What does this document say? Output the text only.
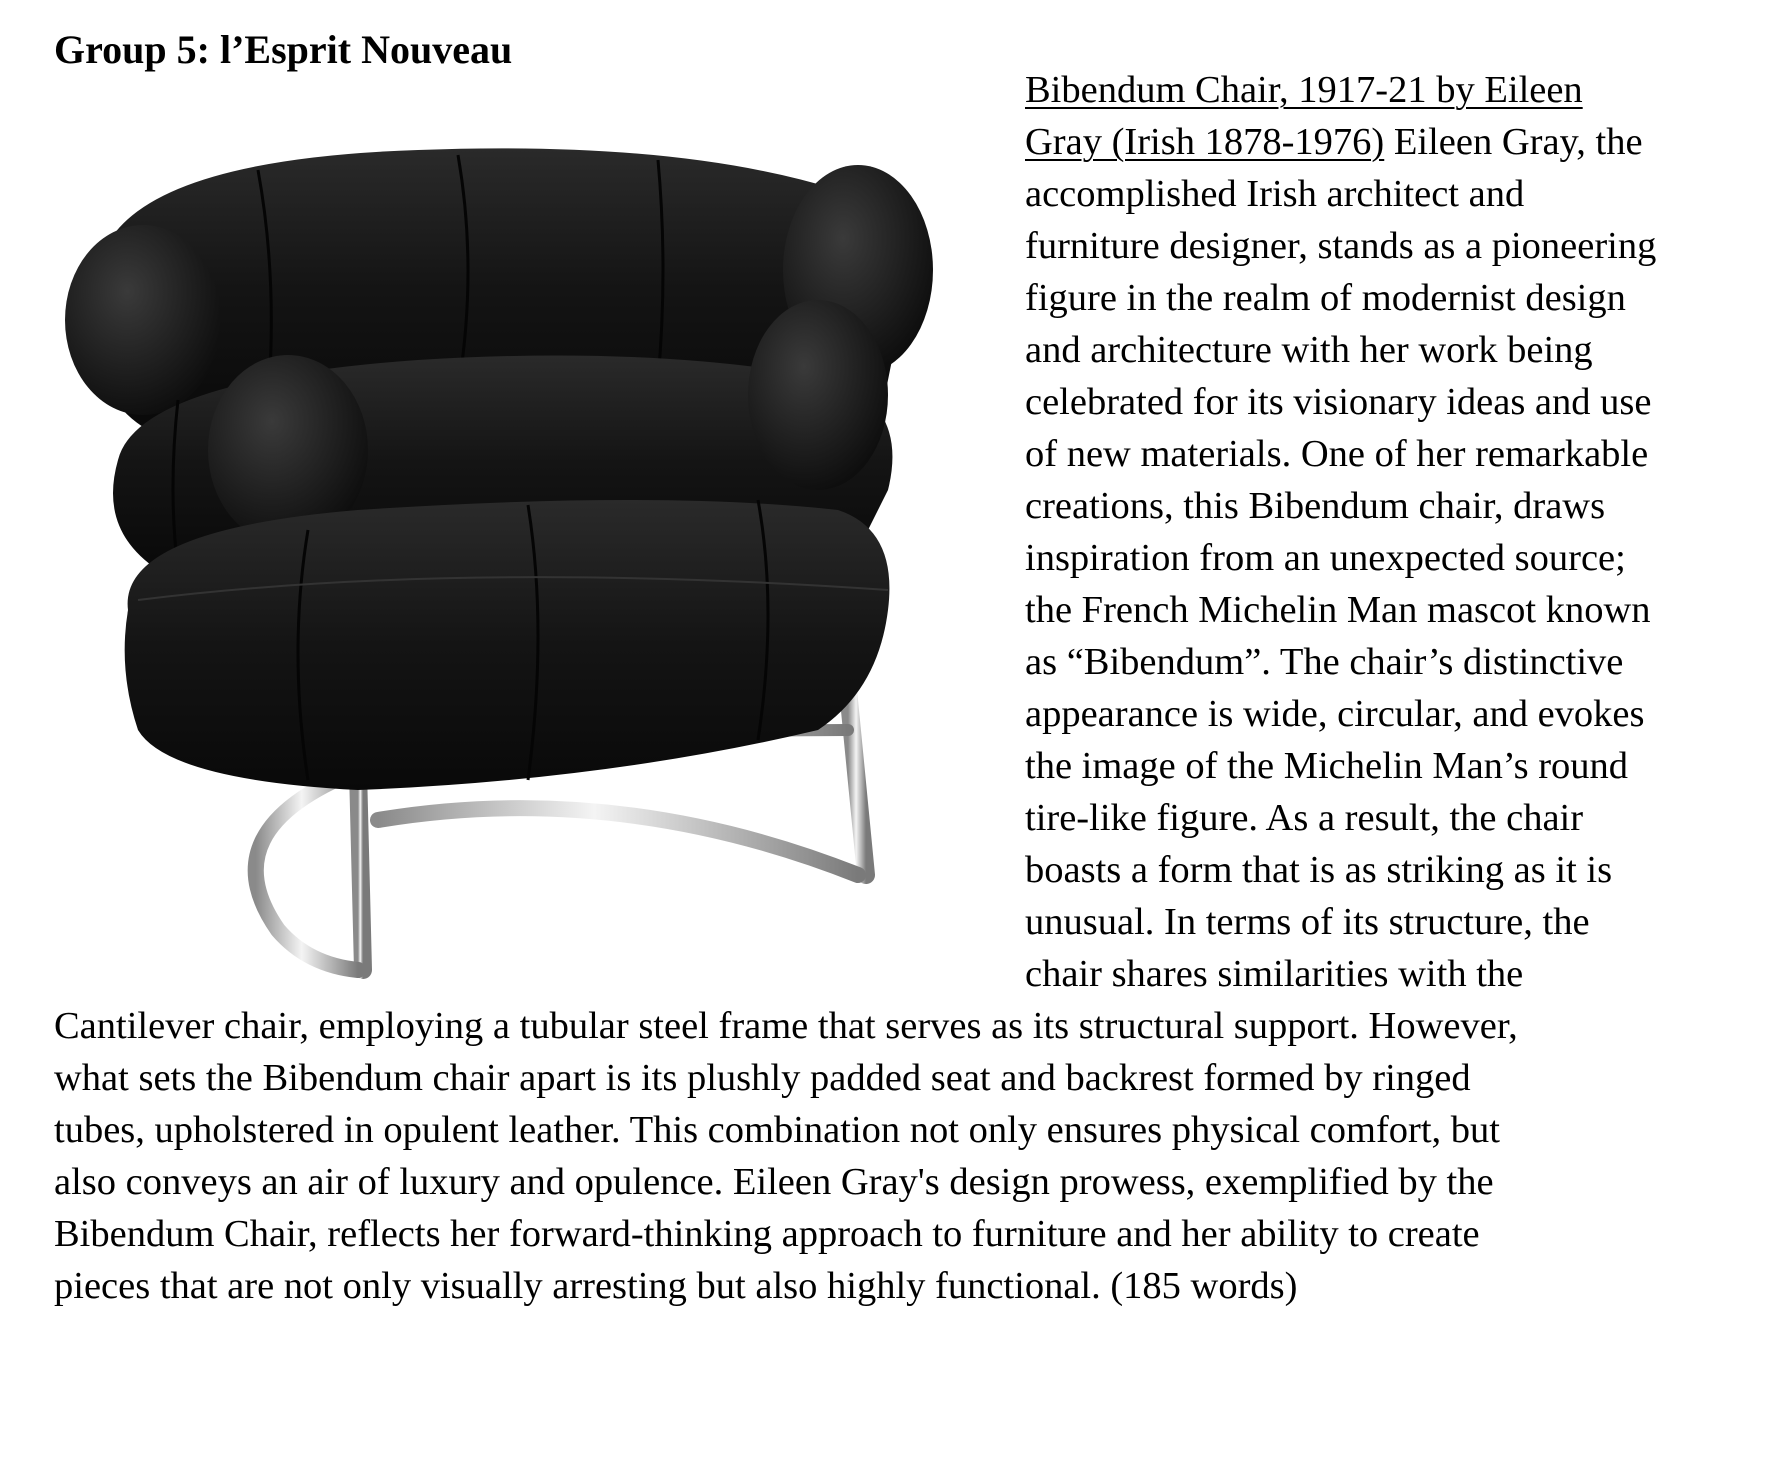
Group 5: l’Esprit Nouveau
Bibendum Chair, 1917-21 by Eileen
Gray (Irish 1878-1976) Eileen Gray, the
accomplished Irish architect and
furniture designer, stands as a pioneering
figure in the realm of modernist design
and architecture with her work being
celebrated for its visionary ideas and use
of new materials. One of her remarkable
creations, this Bibendum chair, draws
inspiration from an unexpected source;
the French Michelin Man mascot known
as “Bibendum”. The chair’s distinctive
appearance is wide, circular, and evokes
the image of the Michelin Man’s round
tire-like figure. As a result, the chair
boasts a form that is as striking as it is
unusual. In terms of its structure, the
chair shares similarities with the
Cantilever chair, employing a tubular steel frame that serves as its structural support. However,
what sets the Bibendum chair apart is its plushly padded seat and backrest formed by ringed
tubes, upholstered in opulent leather. This combination not only ensures physical comfort, but
also conveys an air of luxury and opulence. Eileen Gray's design prowess, exemplified by the
Bibendum Chair, reflects her forward-thinking approach to furniture and her ability to create
pieces that are not only visually arresting but also highly functional. (185 words)
